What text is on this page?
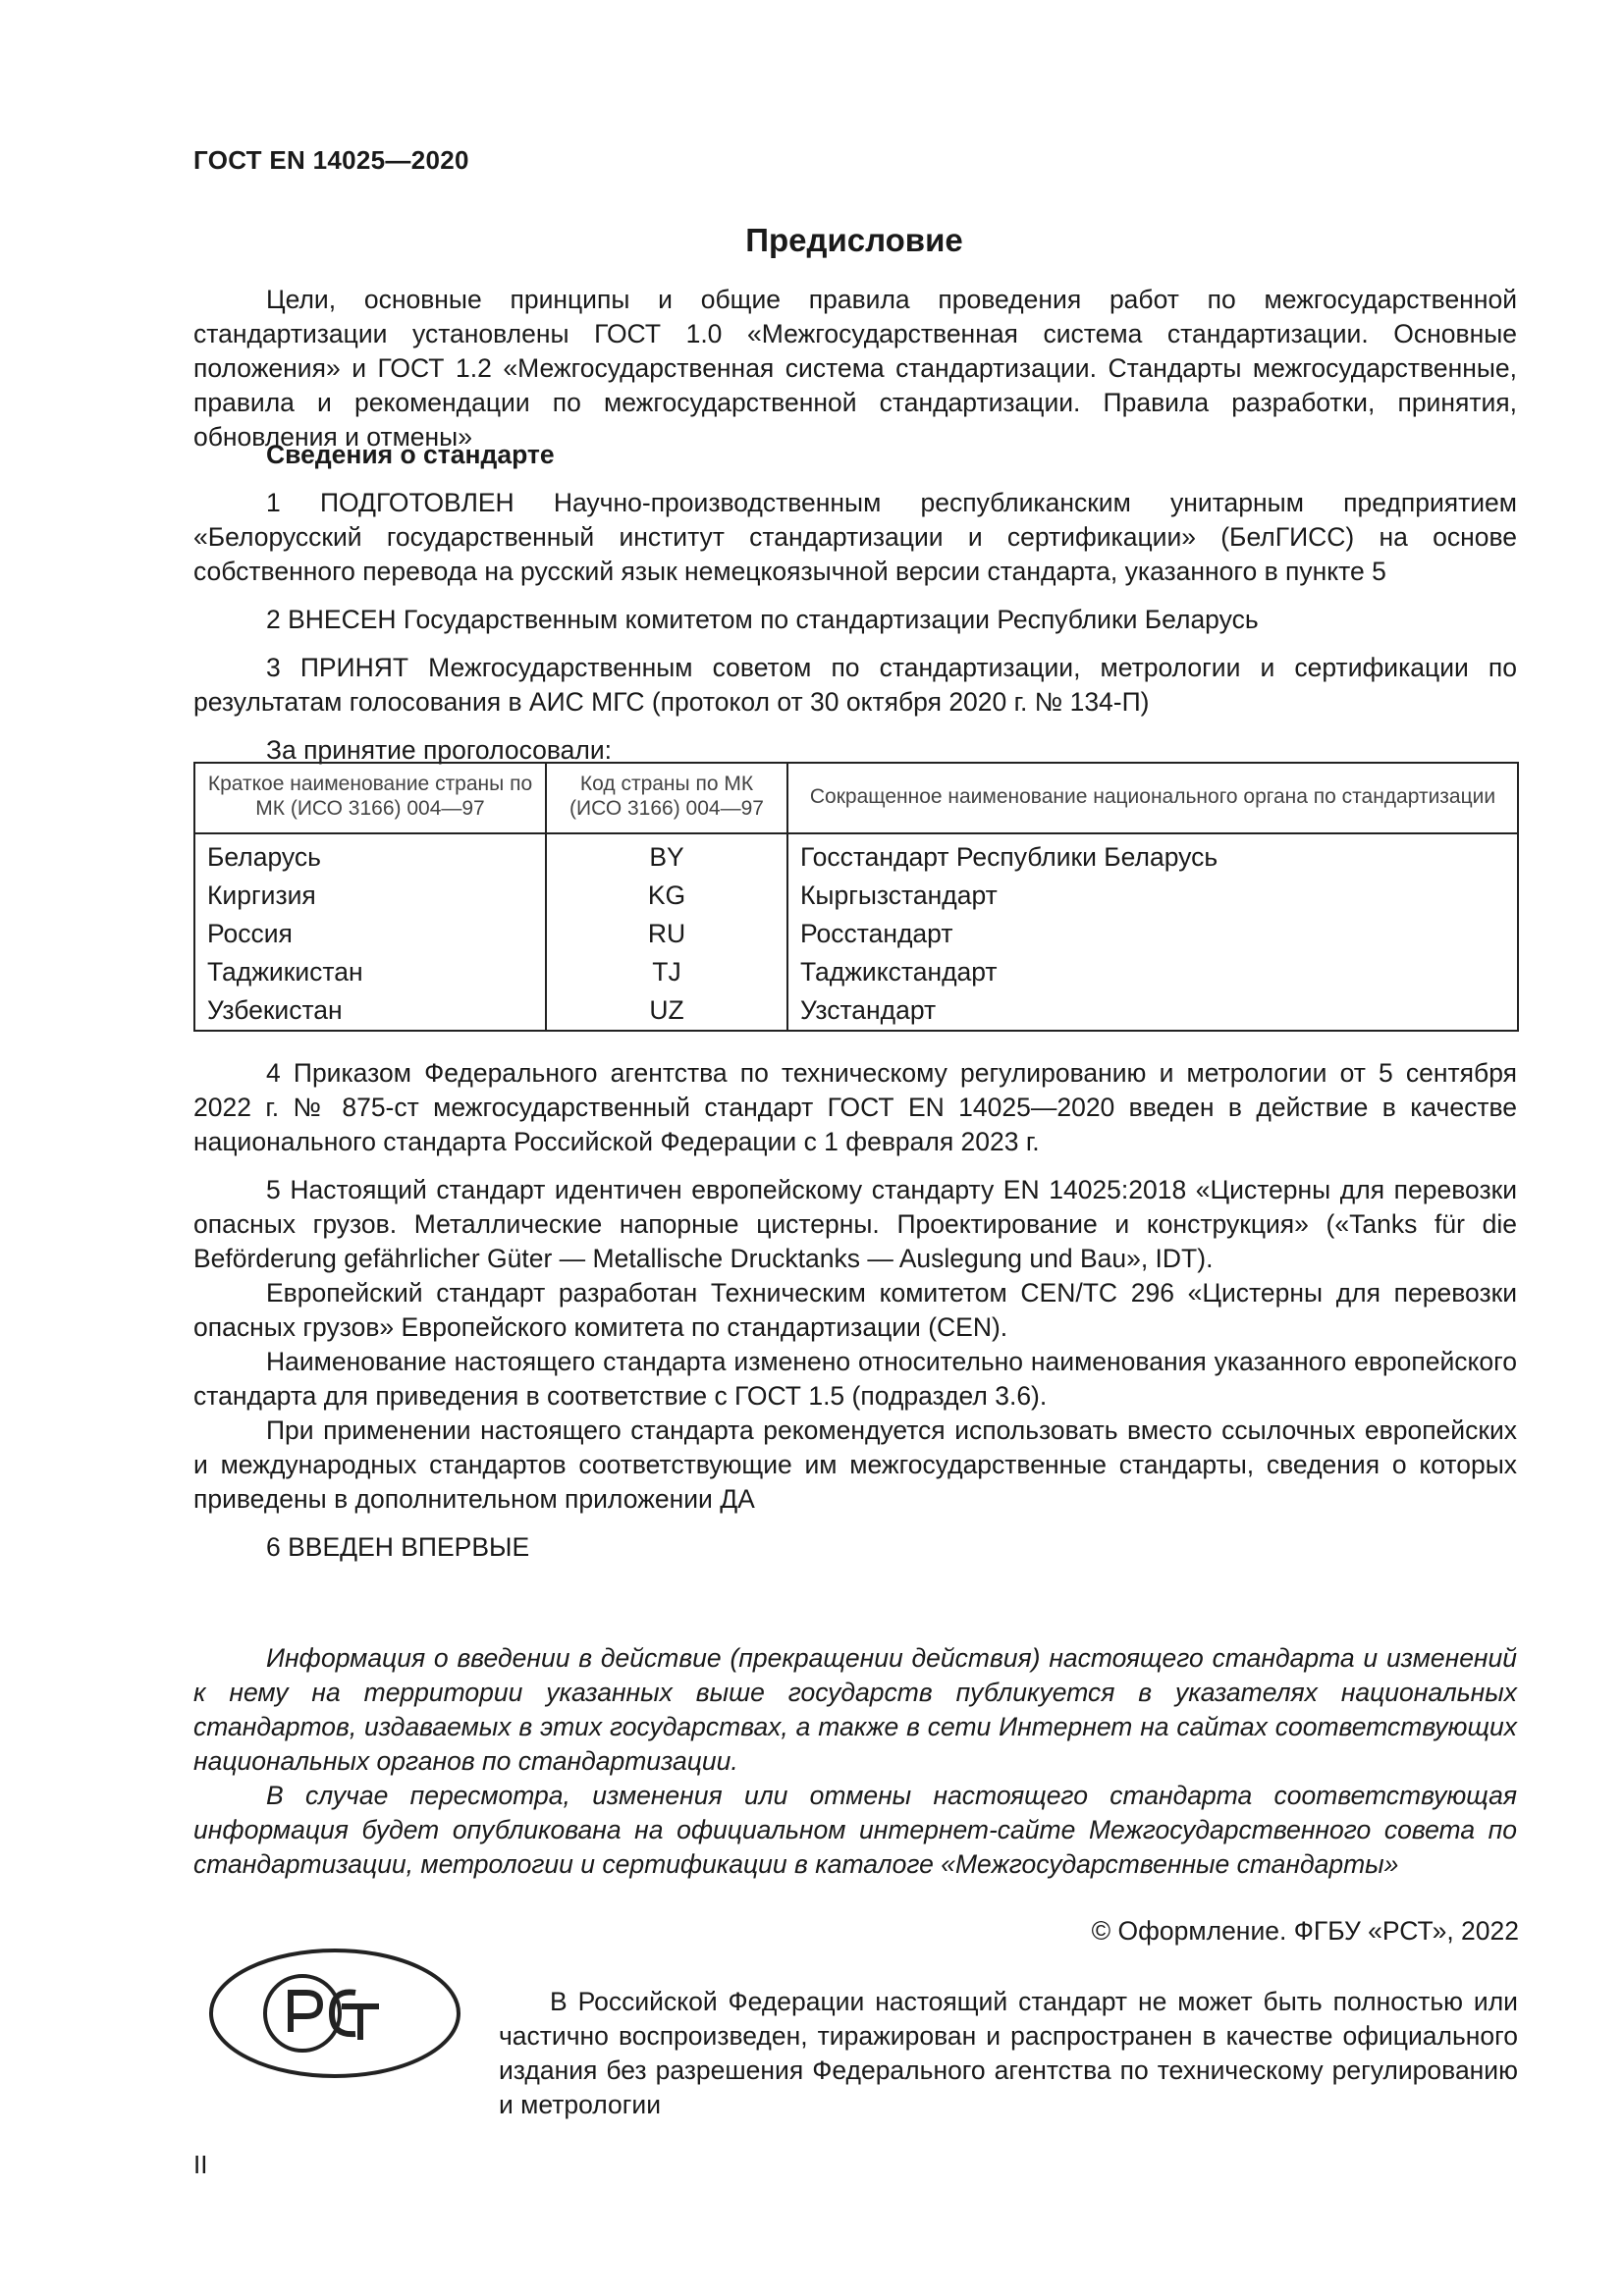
ГОСТ EN 14025—2020
Предисловие

Цели, основные принципы и общие правила проведения работ по межгосударственной стандартизации установлены ГОСТ 1.0 «Межгосударственная система стандартизации. Основные положения» и ГОСТ 1.2 «Межгосударственная система стандартизации. Стандарты межгосударственные, правила и рекомендации по межгосударственной стандартизации. Правила разработки, принятия, обновления и отмены»

Сведения о стандарте

1 ПОДГОТОВЛЕН Научно-производственным республиканским унитарным предприятием «Белорусский государственный институт стандартизации и сертификации» (БелГИСС) на основе собственного перевода на русский язык немецкоязычной версии стандарта, указанного в пункте 5

2 ВНЕСЕН Государственным комитетом по стандартизации Республики Беларусь

3 ПРИНЯТ Межгосударственным советом по стандартизации, метрологии и сертификации по результатам голосования в АИС МГС (протокол от 30 октября 2020 г. № 134-П)

За принятие проголосовали:

Краткое наименование страны по МК (ИСО 3166) 004—97	Код страны по МК (ИСО 3166) 004—97	Сокращенное наименование национального органа по стандартизации
Беларусь	BY	Госстандарт Республики Беларусь
Киргизия	KG	Кыргызстандарт
Россия	RU	Росстандарт
Таджикистан	TJ	Таджикстандарт
Узбекистан	UZ	Узстандарт

4 Приказом Федерального агентства по техническому регулированию и метрологии от 5 сентября 2022 г. № 875-ст межгосударственный стандарт ГОСТ EN 14025—2020 введен в действие в качестве национального стандарта Российской Федерации с 1 февраля 2023 г.

5 Настоящий стандарт идентичен европейскому стандарту EN 14025:2018 «Цистерны для перевозки опасных грузов. Металлические напорные цистерны. Проектирование и конструкция» («Tanks für die Beförderung gefährlicher Güter — Metallische Drucktanks — Auslegung und Bau», IDT).

Европейский стандарт разработан Техническим комитетом CEN/TC 296 «Цистерны для перевозки опасных грузов» Европейского комитета по стандартизации (CEN).

Наименование настоящего стандарта изменено относительно наименования указанного европейского стандарта для приведения в соответствие с ГОСТ 1.5 (подраздел 3.6).

При применении настоящего стандарта рекомендуется использовать вместо ссылочных европейских и международных стандартов соответствующие им межгосударственные стандарты, сведения о которых приведены в дополнительном приложении ДА

6 ВВЕДЕН ВПЕРВЫЕ

Информация о введении в действие (прекращении действия) настоящего стандарта и изменений к нему на территории указанных выше государств публикуется в указателях национальных стандартов, издаваемых в этих государствах, а также в сети Интернет на сайтах соответствующих национальных органов по стандартизации.

В случае пересмотра, изменения или отмены настоящего стандарта соответствующая информация будет опубликована на официальном интернет-сайте Межгосударственного совета по стандартизации, метрологии и сертификации в каталоге «Межгосударственные стандарты»

© Оформление. ФГБУ «РСТ», 2022
В Российской Федерации настоящий стандарт не может быть полностью или частично воспроизведен, тиражирован и распространен в качестве официального издания без разрешения Федерального агентства по техническому регулированию и метрологии
II
